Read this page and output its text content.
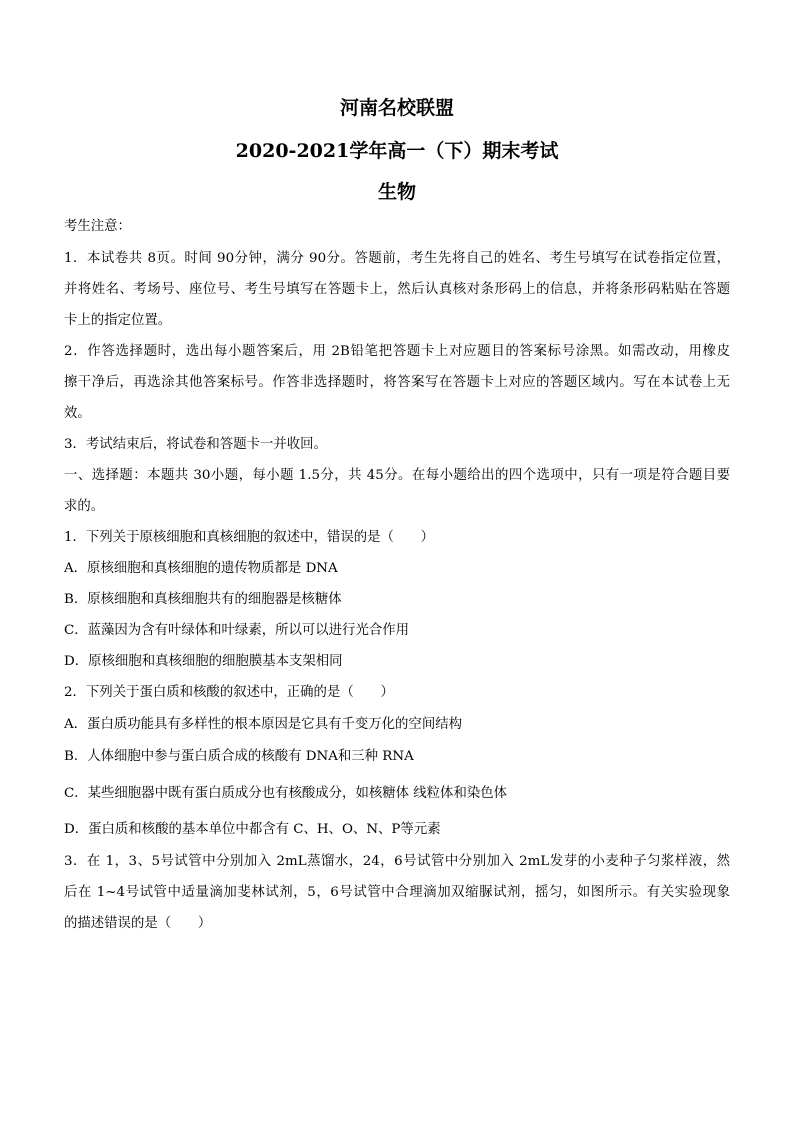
河南名校联盟
2020-2021学年高一（下）期末考试
生物

考生注意：

1．本试卷共 8页。时间 90分钟，满分 90分。答题前，考生先将自己的姓名、考生号填写在试卷指定位置，

并将姓名、考场号、座位号、考生号填写在答题卡上，然后认真核对条形码上的信息，并将条形码粘贴在答题

卡上的指定位置。

2．作答选择题时，选出每小题答案后，用 2B铅笔把答题卡上对应题目的答案标号涂黑。如需改动，用橡皮

擦干净后，再选涂其他答案标号。作答非选择题时，将答案写在答题卡上对应的答题区域内。写在本试卷上无

效。

3．考试结束后，将试卷和答题卡一并收回。

一、选择题：本题共 30小题，每小题 1.5分，共 45分。在每小题给出的四个选项中，只有一项是符合题目要

求的。

1．下列关于原核细胞和真核细胞的叙述中，错误的是（　　）

A．原核细胞和真核细胞的遗传物质都是 DNA

B．原核细胞和真核细胞共有的细胞器是核糖体

C．蓝藻因为含有叶绿体和叶绿素，所以可以进行光合作用

D．原核细胞和真核细胞的细胞膜基本支架相同

2．下列关于蛋白质和核酸的叙述中，正确的是（　　）

A．蛋白质功能具有多样性的根本原因是它具有千变万化的空间结构

B．人体细胞中参与蛋白质合成的核酸有 DNA和三种 RNA

C．某些细胞器中既有蛋白质成分也有核酸成分，如核糖体 线粒体和染色体

D．蛋白质和核酸的基本单位中都含有 C、H、O、N、P等元素

3．在 1，3、5号试管中分别加入 2mL蒸馏水，24，6号试管中分别加入 2mL发芽的小麦种子匀浆样液，然

后在 1~4号试管中适量滴加斐林试剂，5，6号试管中合理滴加双缩脲试剂，摇匀，如图所示。有关实验现象

的描述错误的是（　　）
